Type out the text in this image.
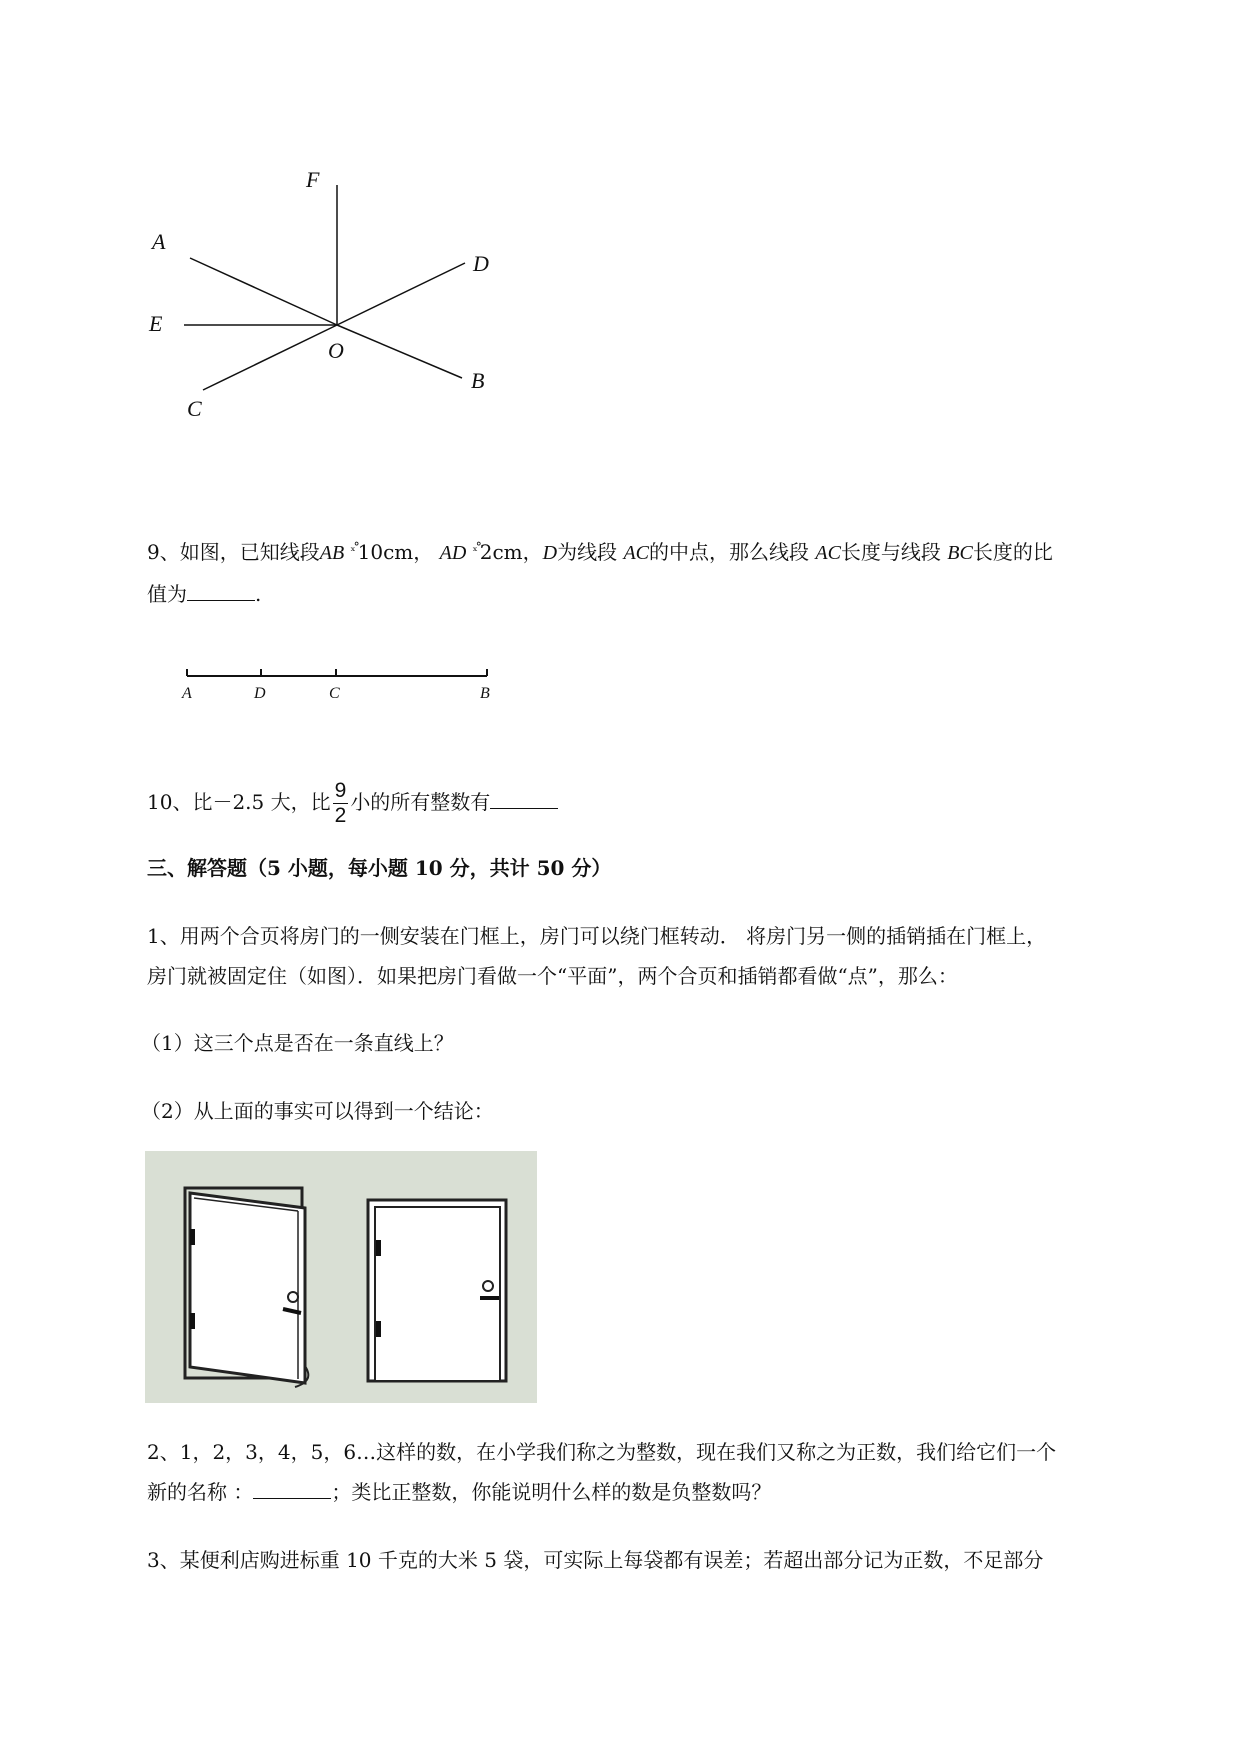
F
A
D
E
O
B
C
9、如图，已知线段AB $^{_x^\circ}$10cm， AD $^{_x^\circ}$2cm，D为线段 AC的中点，那么线段 AC长度与线段 BC长度的比
值为	.
A	D	C	B
10、比－2.5 大，比 $\frac{9}{2}$ 小的所有整数有
三、解答题（5 小题，每小题 10 分，共计 50 分）
1、用两个合页将房门的一侧安装在门框上，房门可以绕门框转动． 将房门另一侧的插销插在门框上，
房门就被固定住（如图）．如果把房门看做一个“平面”，两个合页和插销都看做“点”，那么：
（1）这三个点是否在一条直线上？
（2）从上面的事实可以得到一个结论：
2、1，2，3，4，5，6…这样的数，在小学我们称之为整数，现在我们又称之为正数，我们给它们一个
新的名称 ：	；类比正整数，你能说明什么样的数是负整数吗？
3、某便利店购进标重 10 千克的大米 5 袋，可实际上每袋都有误差；若超出部分记为正数，不足部分
